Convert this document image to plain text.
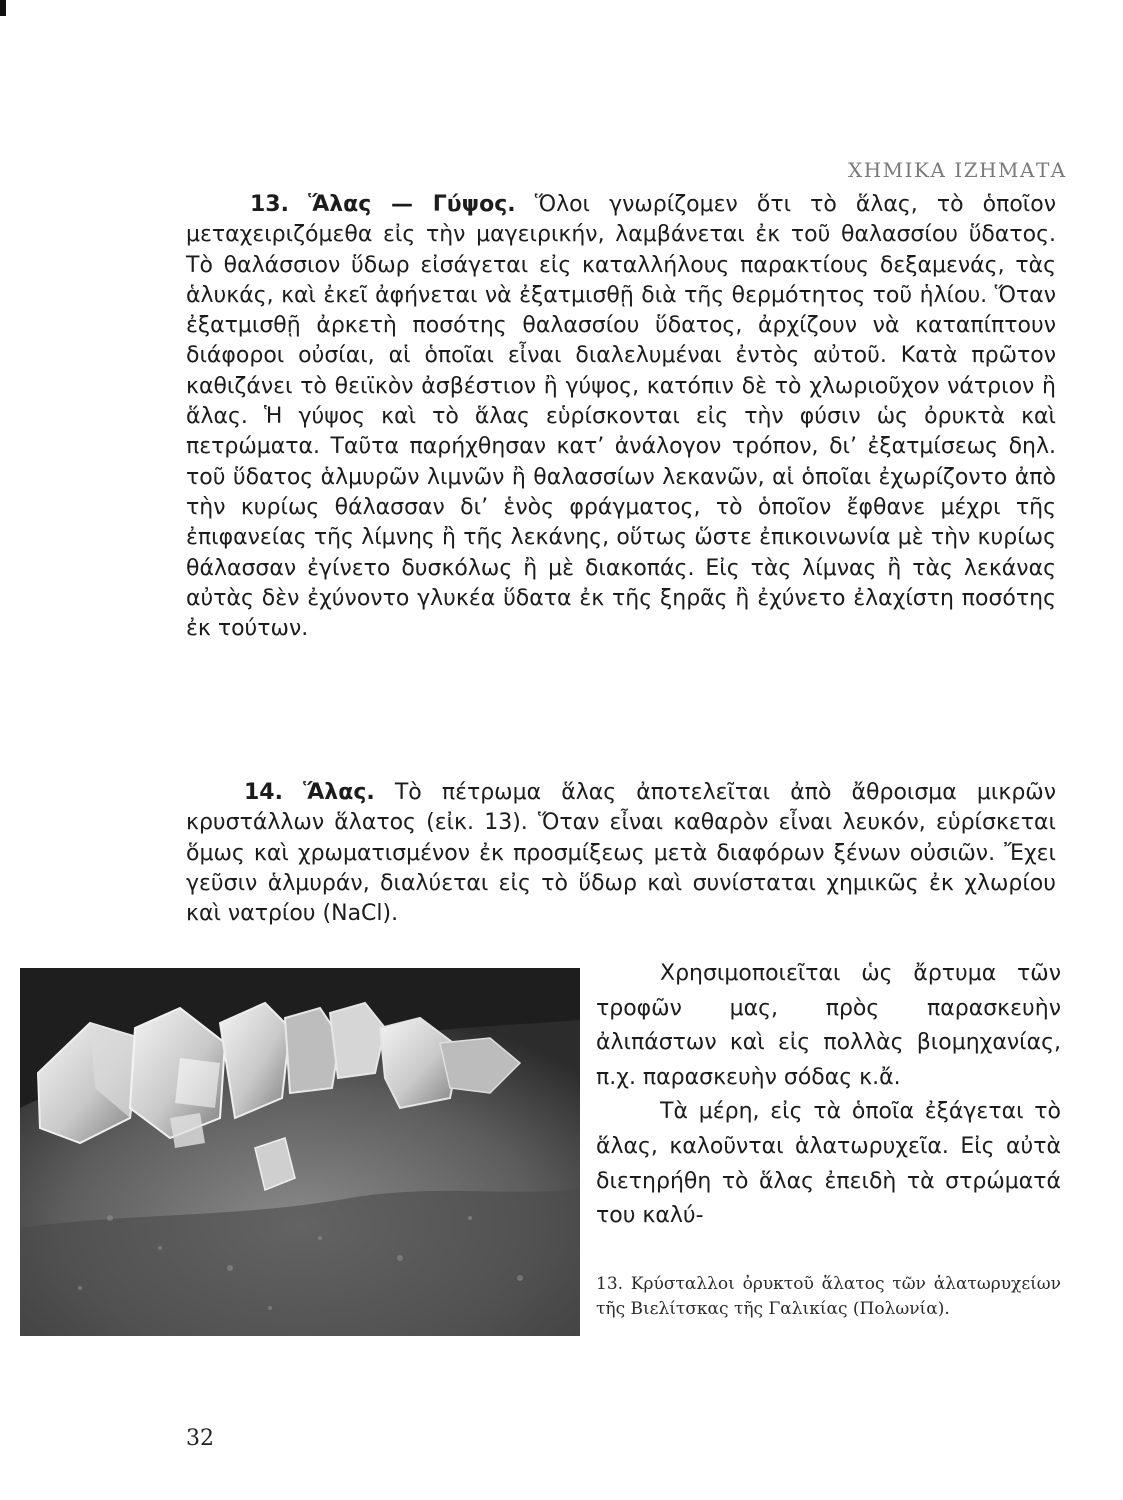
ΧΗΜΙΚΑ ΙΖΗΜΑΤΑ

13. Ἅλας — Γύψος. Ὅλοι γνωρίζομεν ὅτι τὸ ἅλας, τὸ ὁποῖον μεταχειριζόμεθα εἰς τὴν μαγειρικήν, λαμβάνεται ἐκ τοῦ θαλασσίου ὕδατος. Τὸ θαλάσσιον ὕδωρ εἰσάγεται εἰς καταλλήλους παρακτίους δεξαμενάς, τὰς ἁλυκάς, καὶ ἐκεῖ ἀφήνεται νὰ ἐξατμισθῇ διὰ τῆς θερμότητος τοῦ ἡλίου. Ὅταν ἐξατμισθῇ ἀρκετὴ ποσότης θαλασσίου ὕδατος, ἀρχίζουν νὰ καταπίπτουν διάφοροι οὐσίαι, αἱ ὁποῖαι εἶναι διαλελυμέναι ἐντὸς αὐτοῦ. Κατὰ πρῶτον καθιζάνει τὸ θειϊκὸν ἀσβέστιον ἢ γύψος, κατόπιν δὲ τὸ χλωριοῦχον νάτριον ἢ ἅλας. Ἡ γύψος καὶ τὸ ἅλας εὑρίσκονται εἰς τὴν φύσιν ὡς ὀρυκτὰ καὶ πετρώματα. Ταῦτα παρήχθησαν κατ’ ἀνάλογον τρόπον, δι’ ἐξατμίσεως δηλ. τοῦ ὕδατος ἁλμυρῶν λιμνῶν ἢ θαλασσίων λεκανῶν, αἱ ὁποῖαι ἐχωρίζοντο ἀπὸ τὴν κυρίως θάλασσαν δι’ ἑνὸς φράγματος, τὸ ὁποῖον ἔφθανε μέχρι τῆς ἐπιφανείας τῆς λίμνης ἢ τῆς λεκάνης, οὕτως ὥστε ἐπικοινωνία μὲ τὴν κυρίως θάλασσαν ἐγίνετο δυσκόλως ἢ μὲ διακοπάς. Εἰς τὰς λίμνας ἢ τὰς λεκάνας αὐτὰς δὲν ἐχύνοντο γλυκέα ὕδατα ἐκ τῆς ξηρᾶς ἢ ἐχύνετο ἐλαχίστη ποσότης ἐκ τούτων.

14. Ἅλας. Τὸ πέτρωμα ἅλας ἀποτελεῖται ἀπὸ ἄθροισμα μικρῶν κρυστάλλων ἅλατος (εἰκ. 13). Ὅταν εἶναι καθαρὸν εἶναι λευκόν, εὑρίσκεται ὅμως καὶ χρωματισμένον ἐκ προσμίξεως μετὰ διαφόρων ξένων οὐσιῶν. Ἔχει γεῦσιν ἁλμυράν, διαλύεται εἰς τὸ ὕδωρ καὶ συνίσταται χημικῶς ἐκ χλωρίου καὶ νατρίου (NaCl).

Χρησιμοποιεῖται ὡς ἄρτυμα τῶν τροφῶν μας, πρὸς παρασκευὴν ἀλιπάστων καὶ εἰς πολλὰς βιομηχανίας, π.χ. παρασκευὴν σόδας κ.ἄ.

Τὰ μέρη, εἰς τὰ ὁποῖα ἐξάγεται τὸ ἅλας, καλοῦνται ἁλατωρυχεῖα. Εἰς αὐτὰ διετηρήθη τὸ ἅλας ἐπειδὴ τὰ στρώματά του καλύ-

13. Κρύσταλλοι ὀρυκτοῦ ἅλατος τῶν ἁλατωρυχείων τῆς Βιελίτσκας τῆς Γαλικίας (Πολωνία).
32
